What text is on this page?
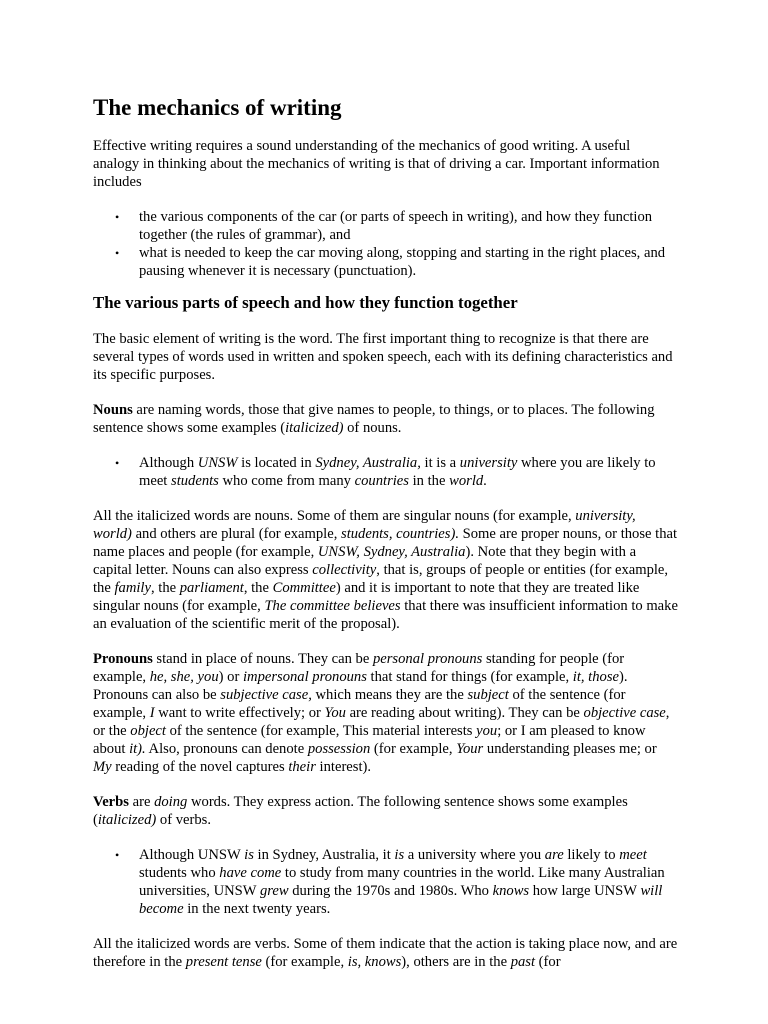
The mechanics of writing

Effective writing requires a sound understanding of the mechanics of good writing. A useful analogy in thinking about the mechanics of writing is that of driving a car. Important information includes

• the various components of the car (or parts of speech in writing), and how they function together (the rules of grammar), and
• what is needed to keep the car moving along, stopping and starting in the right places, and pausing whenever it is necessary (punctuation).
The various parts of speech and how they function together

The basic element of writing is the word. The first important thing to recognize is that there are several types of words used in written and spoken speech, each with its defining characteristics and its specific purposes.

Nouns are naming words, those that give names to people, to things, or to places. The following sentence shows some examples (italicized) of nouns.

• Although UNSW is located in Sydney, Australia, it is a university where you are likely to meet students who come from many countries in the world.

All the italicized words are nouns. Some of them are singular nouns (for example, university, world) and others are plural (for example, students, countries). Some are proper nouns, or those that name places and people (for example, UNSW, Sydney, Australia). Note that they begin with a capital letter. Nouns can also express collectivity, that is, groups of people or entities (for example, the family, the parliament, the Committee) and it is important to note that they are treated like singular nouns (for example, The committee believes that there was insufficient information to make an evaluation of the scientific merit of the proposal).

Pronouns stand in place of nouns. They can be personal pronouns standing for people (for example, he, she, you) or impersonal pronouns that stand for things (for example, it, those). Pronouns can also be subjective case, which means they are the subject of the sentence (for example, I want to write effectively; or You are reading about writing). They can be objective case, or the object of the sentence (for example, This material interests you; or I am pleased to know about it). Also, pronouns can denote possession (for example, Your understanding pleases me; or My reading of the novel captures their interest).

Verbs are doing words. They express action. The following sentence shows some examples (italicized) of verbs.

• Although UNSW is in Sydney, Australia, it is a university where you are likely to meet students who have come to study from many countries in the world. Like many Australian universities, UNSW grew during the 1970s and 1980s. Who knows how large UNSW will become in the next twenty years.

All the italicized words are verbs. Some of them indicate that the action is taking place now, and are therefore in the present tense (for example, is, knows), others are in the past (for
